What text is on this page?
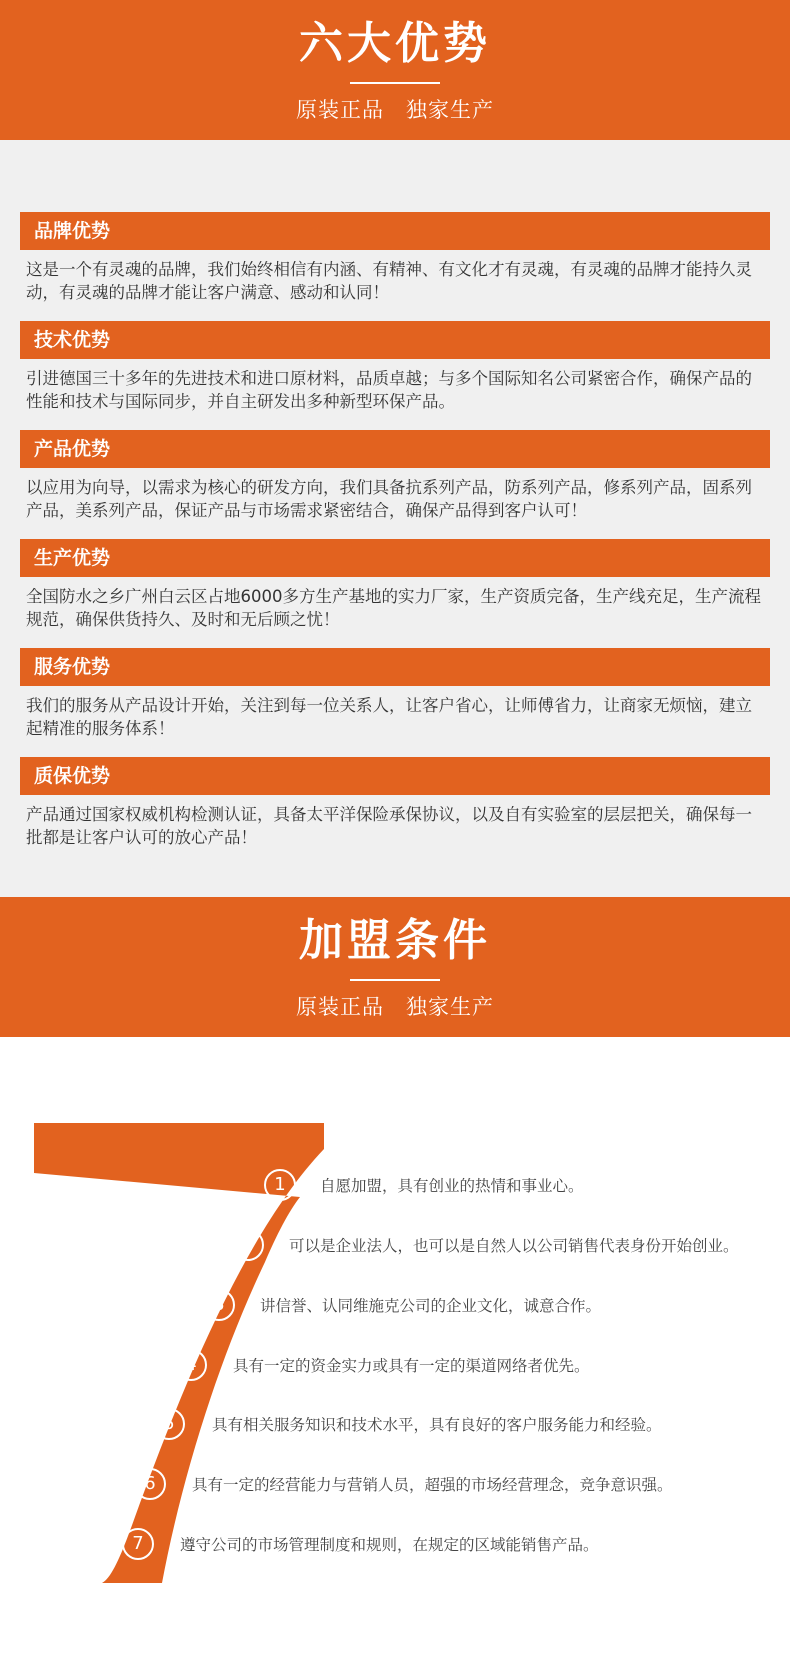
六大优势
原装正品　独家生产
品牌优势
这是一个有灵魂的品牌，我们始终相信有内涵、有精神、有文化才有灵魂，有灵魂的品牌才能持久灵动，有灵魂的品牌才能让客户满意、感动和认同！
技术优势
引进德国三十多年的先进技术和进口原材料，品质卓越；与多个国际知名公司紧密合作，确保产品的性能和技术与国际同步，并自主研发出多种新型环保产品。
产品优势
以应用为向导，以需求为核心的研发方向，我们具备抗系列产品，防系列产品，修系列产品，固系列产品，美系列产品，保证产品与市场需求紧密结合，确保产品得到客户认可！
生产优势
全国防水之乡广州白云区占地6000多方生产基地的实力厂家，生产资质完备，生产线充足，生产流程规范，确保供货持久、及时和无后顾之忧！
服务优势
我们的服务从产品设计开始，关注到每一位关系人，让客户省心，让师傅省力，让商家无烦恼，建立起精准的服务体系！
质保优势
产品通过国家权威机构检测认证，具备太平洋保险承保协议，以及自有实验室的层层把关，确保每一批都是让客户认可的放心产品！
加盟条件
原装正品　独家生产
1	自愿加盟，具有创业的热情和事业心。
2	可以是企业法人，也可以是自然人以公司销售代表身份开始创业。
3	讲信誉、认同维施克公司的企业文化，诚意合作。
4	具有一定的资金实力或具有一定的渠道网络者优先。
5	具有相关服务知识和技术水平，具有良好的客户服务能力和经验。
6	具有一定的经营能力与营销人员，超强的市场经营理念，竞争意识强。
7	遵守公司的市场管理制度和规则，在规定的区域能销售产品。
